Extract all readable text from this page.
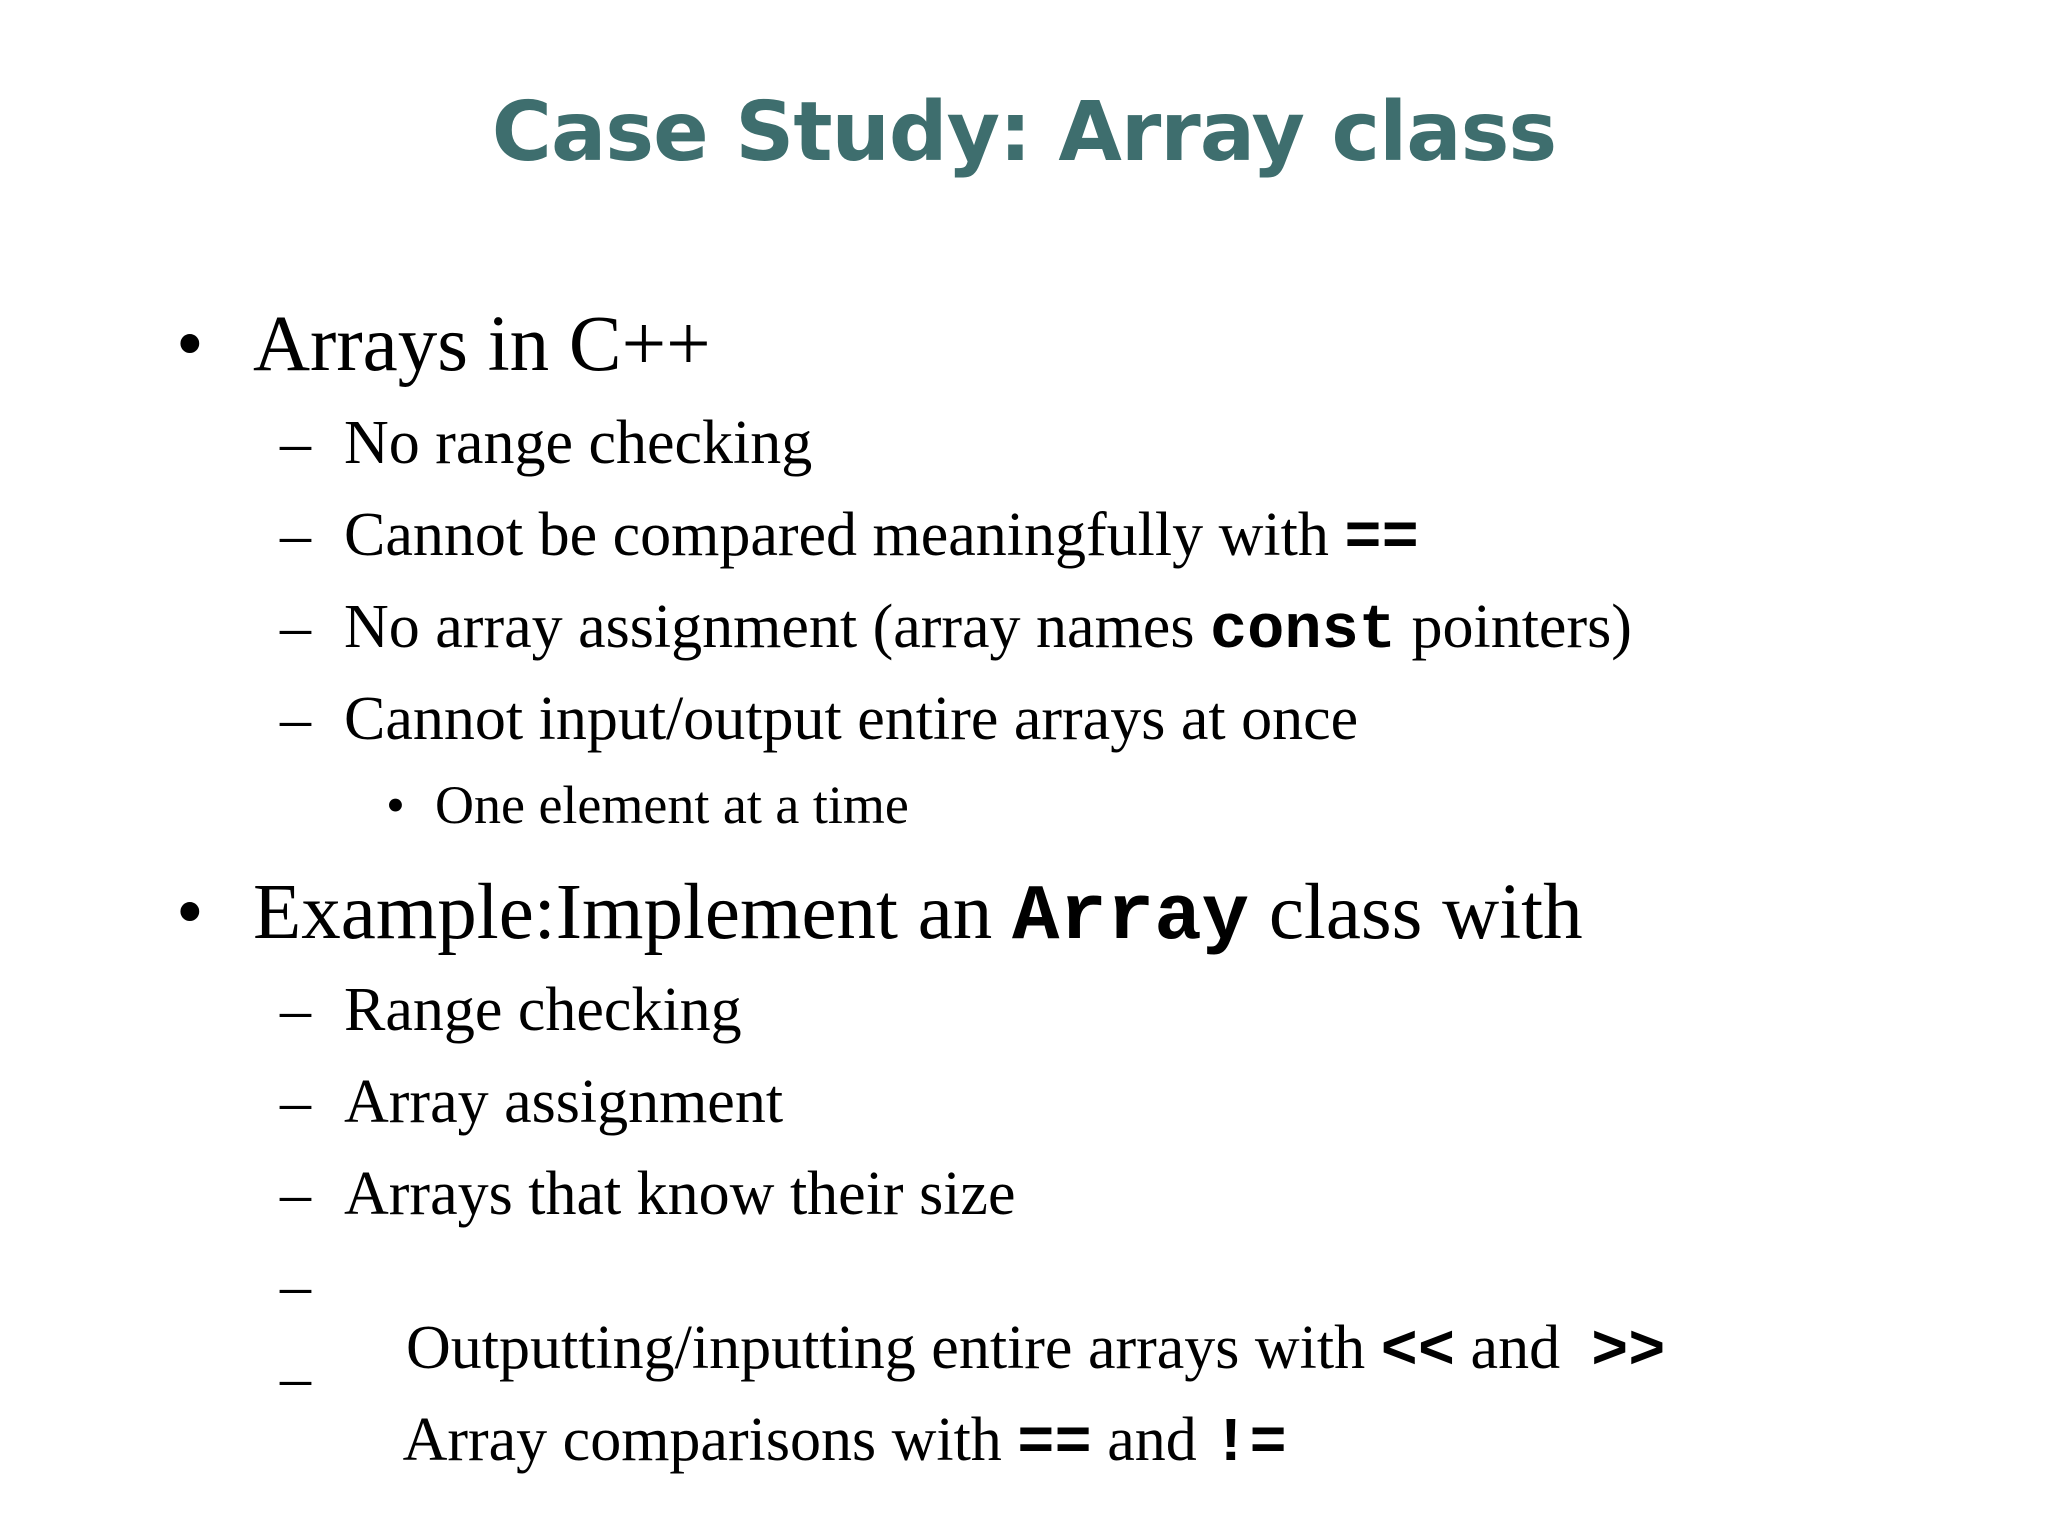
Case Study: Array class
• Arrays in C++
– No range checking
– Cannot be compared meaningfully with ==
– No array assignment (array names const pointers)
– Cannot input/output entire arrays at once
• One element at a time
• Example:Implement an Array class with
– Range checking
– Array assignment
– Arrays that know their size
–

Outputting/inputting entire arrays with << and  >>

–

Array comparisons with == and !=
